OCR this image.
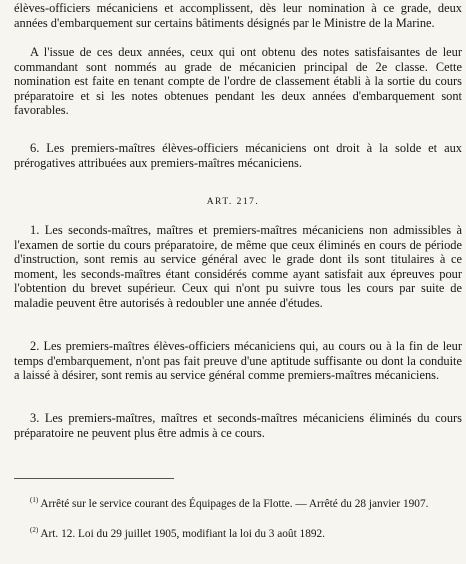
élèves-officiers mécaniciens et accomplissent, dès leur nomination à ce grade, deux années d'embarquement sur certains bâtiments désignés par le Ministre de la Marine.

A l'issue de ces deux années, ceux qui ont obtenu des notes satisfaisantes de leur commandant sont nommés au grade de mécanicien principal de 2e classe. Cette nomination est faite en tenant compte de l'ordre de classement établi à la sortie du cours préparatoire et si les notes obtenues pendant les deux années d'embarquement sont favorables.

6. Les premiers-maîtres élèves-officiers mécaniciens ont droit à la solde et aux prérogatives attribuées aux premiers-maîtres mécaniciens.

ART. 217.

1. Les seconds-maîtres, maîtres et premiers-maîtres mécaniciens non admissibles à l'examen de sortie du cours préparatoire, de même que ceux éliminés en cours de période d'instruction, sont remis au service général avec le grade dont ils sont titulaires à ce moment, les seconds-maîtres étant considérés comme ayant satisfait aux épreuves pour l'obtention du brevet supérieur. Ceux qui n'ont pu suivre tous les cours par suite de maladie peuvent être autorisés à redoubler une année d'études.

2. Les premiers-maîtres élèves-officiers mécaniciens qui, au cours ou à la fin de leur temps d'embarquement, n'ont pas fait preuve d'une aptitude suffisante ou dont la conduite a laissé à désirer, sont remis au service général comme premiers-maîtres mécaniciens.

3. Les premiers-maîtres, maîtres et seconds-maîtres mécaniciens éliminés du cours préparatoire ne peuvent plus être admis à ce cours.

$^{(1)}$ Arrêté sur le service courant des Équipages de la Flotte. — Arrêté du 28 janvier 1907.

$^{(2)}$ Art. 12. Loi du 29 juillet 1905, modifiant la loi du 3 août 1892.
